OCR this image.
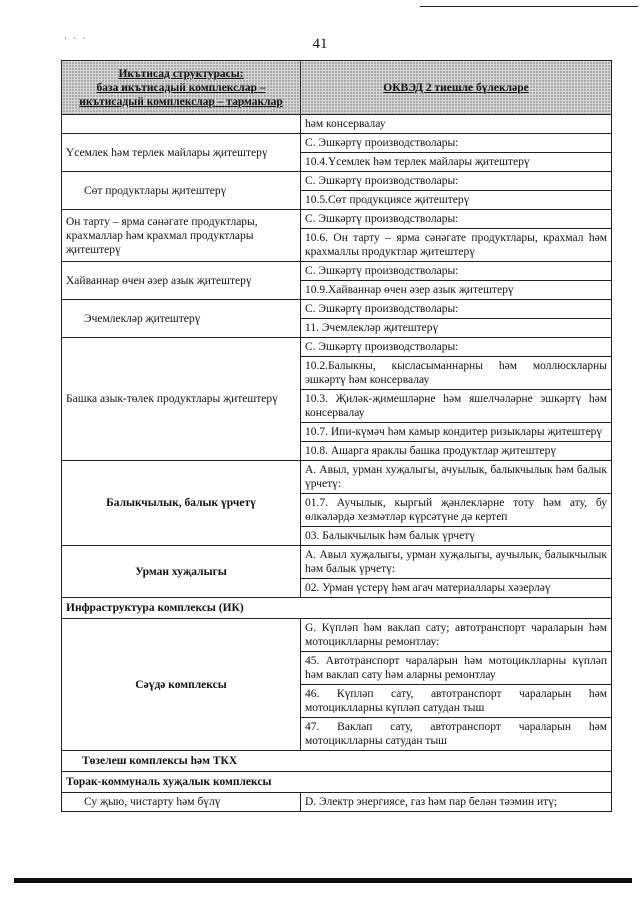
· · ·	41
Икътисад структурасы:
база икътисадый комплекслар –
икътисадый комплекслар – тармаклар	ОКВЭД 2 тиешле бүлекләре

	һәм консервалау

Үсемлек һәм терлек майлары җитештерү	С. Эшкәртү производстволары:
10.4.Үсемлек һәм терлек майлары җитештерү

Сөт продуктлары җитештерү	С. Эшкәртү производстволары:
10.5.Сөт продукциясе җитештерү

Он тарту – ярма сәнәгате продуктлары, крахмаллар һәм крахмал продуктлары җитештерү	С. Эшкәртү производстволары:
10.6. Он тарту – ярма сәнәгате продуктлары, крахмал һәм крахмаллы продуктлар җитештерү

Хайваннар өчен әзер азык җитештерү	С. Эшкәртү производстволары:
10.9.Хайваннар өчен әзер азык җитештерү

Эчемлекләр җитештерү	С. Эшкәртү производстволары:
11. Эчемлекләр җитештерү

Башка азык-төлек продуктлары җитештерү	С. Эшкәртү производстволары:
10.2.Балыкны, кысласыманнарны һәм моллюскларны эшкәртү һәм консервалау
10.3. Җиләк-җимешләрне һәм яшелчәләрне эшкәртү һәм консервалау
10.7. Ипи-күмәч һәм камыр кондитер ризыклары җитештерү
10.8. Ашарга яраклы башка продуктлар җитештерү

Балыкчылык, балык үрчетү	А. Авыл, урман хуҗалыгы, ачуылык, балыкчылык һәм балык үрчетү:
01.7. Аучылык, кыргый җәнлекләрне тоту һәм ату, бу өлкәләрдә хезмәтләр күрсәтүне дә кертеп
03. Балыкчылык һәм балык үрчетү

Урман хуҗалыгы	А. Авыл хуҗалыгы, урман хуҗалыгы, аучылык, балыкчылык һәм балык үрчетү:
02. Урман үстерү һәм агач материаллары хәзерләү

Инфраструктура комплексы (ИК)	
Сәүдә комплексы	G. Күпләп һәм ваклап сату; автотранспорт чараларын һәм мотоциклларны ремонтлау:
45. Автотранспорт чараларын һәм мотоциклларны күпләп һәм ваклап сату һәм аларны ремонтлау
46. Күпләп сату, автотранспорт чараларын һәм мотоциклларны күпләп сатудан тыш
47. Ваклап сату, автотранспорт чараларын һәм мотоциклларны сатудан тыш

Төзелеш комплексы һәм ТКХ	
Торак-коммуналь хуҗалык комплексы	
Су җыю, чистарту һәм бүлү	D. Электр энергиясе, газ һәм пар белән тәэмин итү;
